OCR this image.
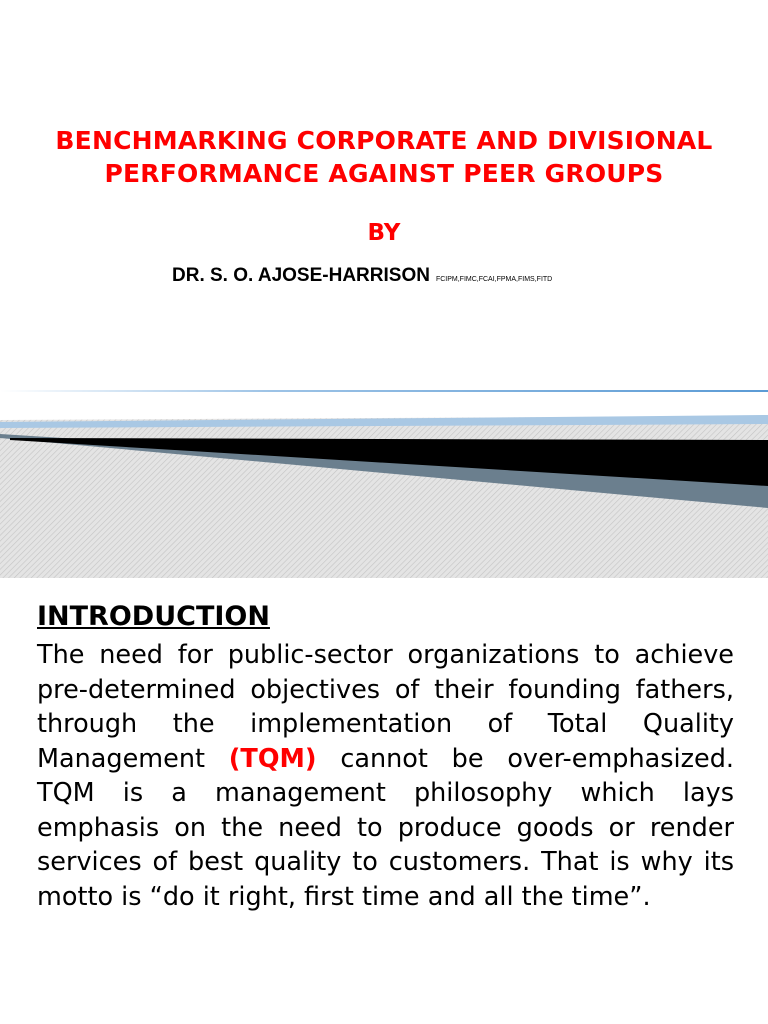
BENCHMARKING CORPORATE AND DIVISIONAL
PERFORMANCE AGAINST PEER GROUPS
BY
DR. S. O. AJOSE-HARRISON FCIPM,FIMC,FCAI,FPMA,FIMS,FITD
INTRODUCTION

The need for public-sector organizations to achieve pre-determined objectives of their founding fathers, through the implementation of Total Quality Management (TQM) cannot be over-emphasized. TQM is a management philosophy which lays emphasis on the need to produce goods or render services of best quality to customers. That is why its motto is “do it right, first time and all the time”.
